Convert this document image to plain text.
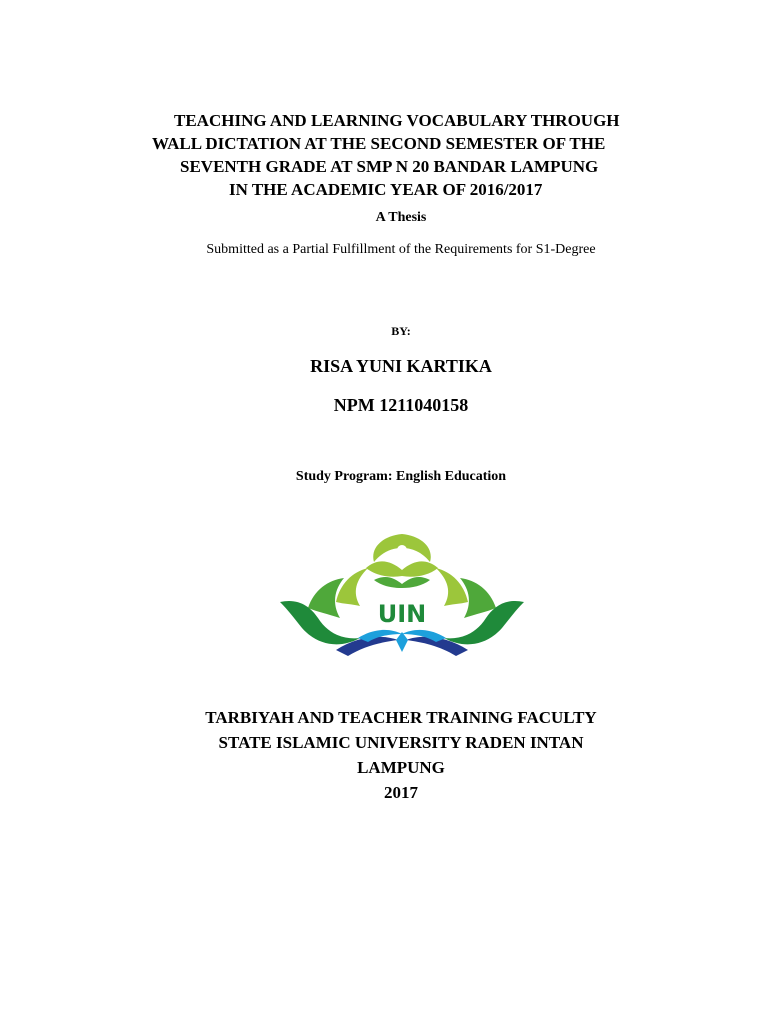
TEACHING AND LEARNING VOCABULARY THROUGH
WALL DICTATION AT THE SECOND SEMESTER OF THE
SEVENTH GRADE AT SMP N 20 BANDAR LAMPUNG
IN THE ACADEMIC YEAR OF 2016/2017
A Thesis
Submitted as a Partial Fulfillment of the Requirements for S1-Degree
BY:
RISA YUNI KARTIKA
NPM 1211040158
Study Program: English Education
UIN
TARBIYAH AND TEACHER TRAINING FACULTY
STATE ISLAMIC UNIVERSITY RADEN INTAN
LAMPUNG
2017
